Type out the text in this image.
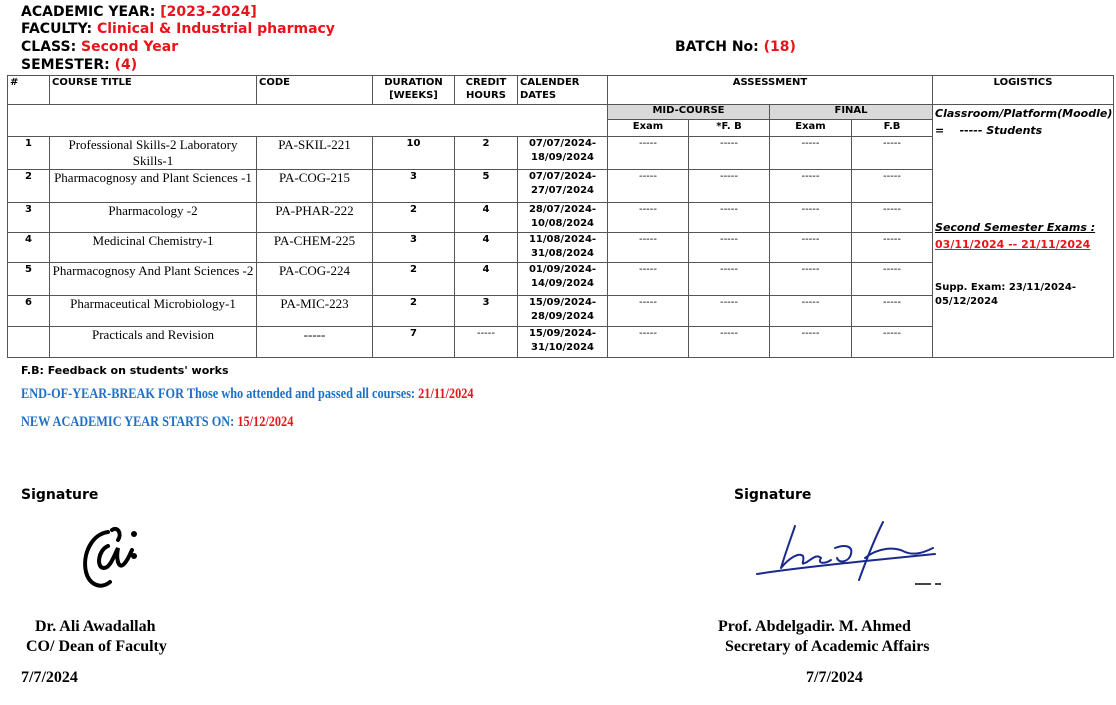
ACADEMIC YEAR: [2023-2024]
FACULTY: Clinical & Industrial pharmacy
CLASS: Second Year	BATCH No: (18)
SEMESTER: (4)
#	COURSE TITLE	CODE	DURATION [WEEKS]	CREDIT HOURS	CALENDER DATES	ASSESSMENT				LOGISTICS
						MID-COURSE		FINAL		Classroom/Platform(Moodle) = ----- Students
Second Semester Exams :
03/11/2024 -- 21/11/2024
Supp. Exam: 23/11/2024-05/12/2024

						Exam	*F. B	Exam	F.B	
1	Professional Skills-2 Laboratory Skills-1	PA-SKIL-221	10	2	07/07/2024-18/09/2024	-----	-----	-----	-----	
2	Pharmacognosy and Plant Sciences -1	PA-COG-215	3	5	07/07/2024-27/07/2024	-----	-----	-----	-----	
3	Pharmacology -2	PA-PHAR-222	2	4	28/07/2024-10/08/2024	-----	-----	-----	-----	
4	Medicinal Chemistry-1	PA-CHEM-225	3	4	11/08/2024-31/08/2024	-----	-----	-----	-----	
5	Pharmacognosy And Plant Sciences -2	PA-COG-224	2	4	01/09/2024-14/09/2024	-----	-----	-----	-----	
6	Pharmaceutical Microbiology-1	PA-MIC-223	2	3	15/09/2024-28/09/2024	-----	-----	-----	-----	
	Practicals and Revision	-----	7	-----	15/09/2024-31/10/2024	-----	-----	-----	-----	
F.B: Feedback on students' works
END-OF-YEAR-BREAK FOR Those who attended and passed all courses: 21/11/2024
NEW ACADEMIC YEAR STARTS ON: 15/12/2024
Signature
Dr. Ali Awadallah
CO/ Dean of Faculty
7/7/2024
Signature
Prof. Abdelgadir. M. Ahmed
Secretary of Academic Affairs
7/7/2024
